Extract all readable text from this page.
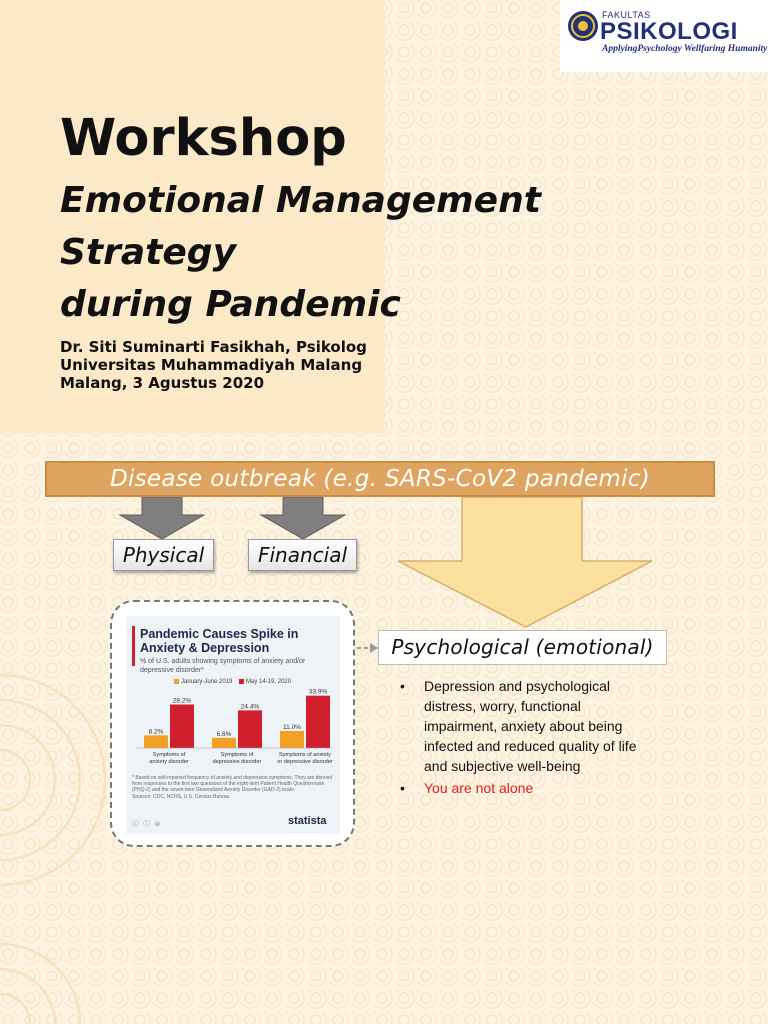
FAKULTAS
PSIKOLOGI
ApplyingPsychology Wellfaring Humanity
Workshop
Emotional Management
Strategy
during Pandemic
Dr. Siti Suminarti Fasikhah, Psikolog
Universitas Muhammadiyah Malang
Malang, 3 Agustus 2020
Disease outbreak (e.g. SARS-CoV2 pandemic)
Physical	Financial
Psychological (emotional)
Pandemic Causes Spike in Anxiety & Depression
% of U.S. adults showing symptoms of anxiety and/or depressive disorder*
January-June 2019 May 14-19, 2020
8.2%
28.2%
Symptoms of
anxiety disorder
6.6%
24.4%
Symptoms of
depressive disorder
11.0%
33.9%
Symptoms of anxiety
or depressive disorder
* Based on self-reported frequency of anxiety and depression symptoms. They are derived from responses to the first two questions of the eight-item Patient Health Questionnaire (PHQ-2) and the seven-item Generalized Anxiety Disorder (GAD-2) scale.
Sources: CDC, NCHS, U.S. Census Bureau
ⓒ ⓘ ⊜	statista
• Depression and psychological distress, worry, functional impairment, anxiety about being infected and reduced quality of life and subjective well-being
• You are not alone
